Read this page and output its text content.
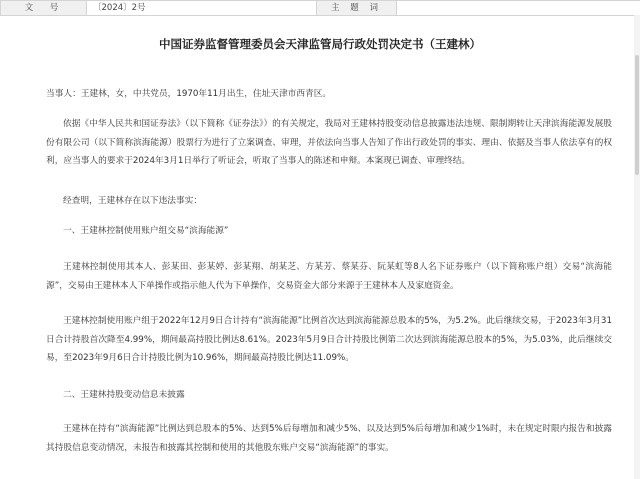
文　号	〔2024〕2号	主 题 词	
中国证券监督管理委员会天津监管局行政处罚决定书（王建林）

当事人：王建林，女，中共党员，1970年11月出生，住址天津市西青区。

依据《中华人民共和国证券法》（以下简称《证券法》）的有关规定，我局对王建林持股变动信息披露违法违规、限制期转让天津滨海能源发展股份有限公司（以下简称滨海能源）股票行为进行了立案调查、审理，并依法向当事人告知了作出行政处罚的事实、理由、依据及当事人依法享有的权利，应当事人的要求于2024年3月1日举行了听证会，听取了当事人的陈述和申辩。本案现已调查、审理终结。

经查明，王建林存在以下违法事实：

一、王建林控制使用账户组交易“滨海能源”

王建林控制使用其本人、彭某田、彭某婷、彭某翔、胡某芝、方某芳、蔡某芬、阮某虹等8人名下证券账户（以下简称账户组）交易“滨海能源”，交易由王建林本人下单操作或指示他人代为下单操作，交易资金大部分来源于王建林本人及家庭资金。

王建林控制使用账户组于2022年12月9日合计持有“滨海能源”比例首次达到滨海能源总股本的5%，为5.2%。此后继续交易，于2023年3月31日合计持股首次降至4.99%，期间最高持股比例达8.61%。2023年5月9日合计持股比例第二次达到滨海能源总股本的5%，为5.03%，此后继续交易，至2023年9月6日合计持股比例为10.96%，期间最高持股比例达11.09%。

二、王建林持股变动信息未披露

王建林在持有“滨海能源”比例达到总股本的5%、达到5%后每增加和减少5%、以及达到5%后每增加和减少1%时，未在规定时限内报告和披露其持股信息变动情况，未报告和披露其控制和使用的其他股东账户交易“滨海能源”的事实。
